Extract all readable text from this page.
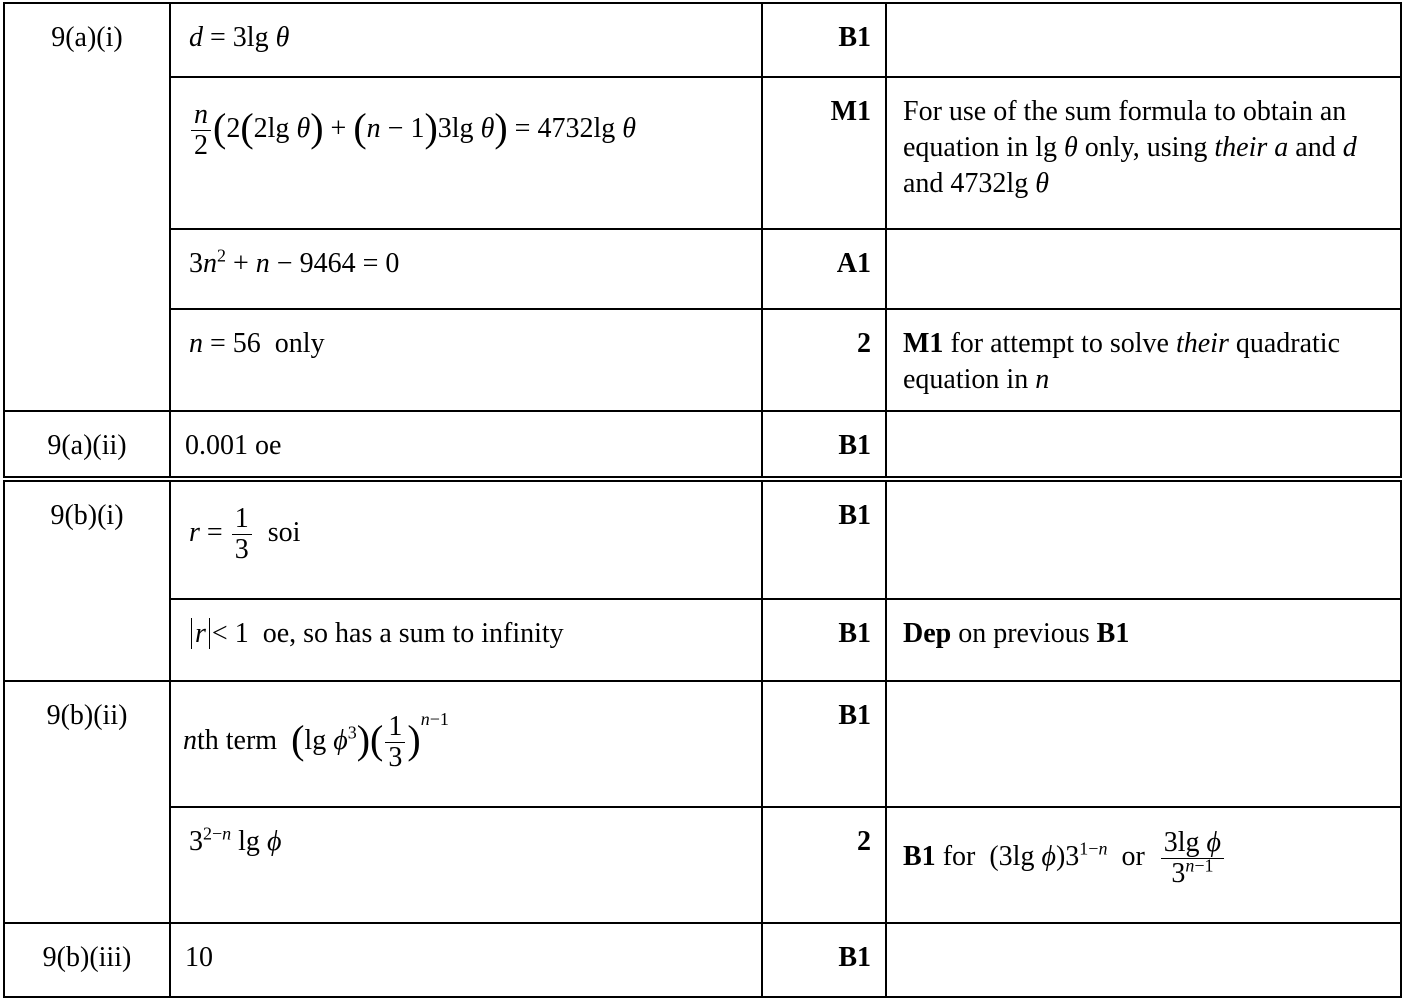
9(a)(i)	d = 3lg θ	B1	

	$\frac{n}{2} (2(2\lg$ θ) + (n − 1)3lg θ) = 4732lg θ	M1	For use of the sum formula to obtain an equation in lg θ only, using their a and d and 4732lg θ
	$3n^2 + n - 9464 = 0$	A1	
	n = 56  only	2	M1 for attempt to solve their quadratic equation in n
9(a)(ii)	0.001 oe	B1	
9(b)(i)	$r = \frac{1}{3}$ soi	B1	
	r < 1  oe, so has a sum to infinity	B1	Dep on previous B1
9(b)(ii)	nth term  (lg $\phi^3)( \frac{1}{3} )^{n-1}$	B1	
	$3^{2-n}$ lg ϕ	2	B1 for  (3lg $\phi)3^{1-n}$  or $\frac{\text{3lg ϕ}}{3^{n-1}}$

9(b)(iii)	10	B1	
